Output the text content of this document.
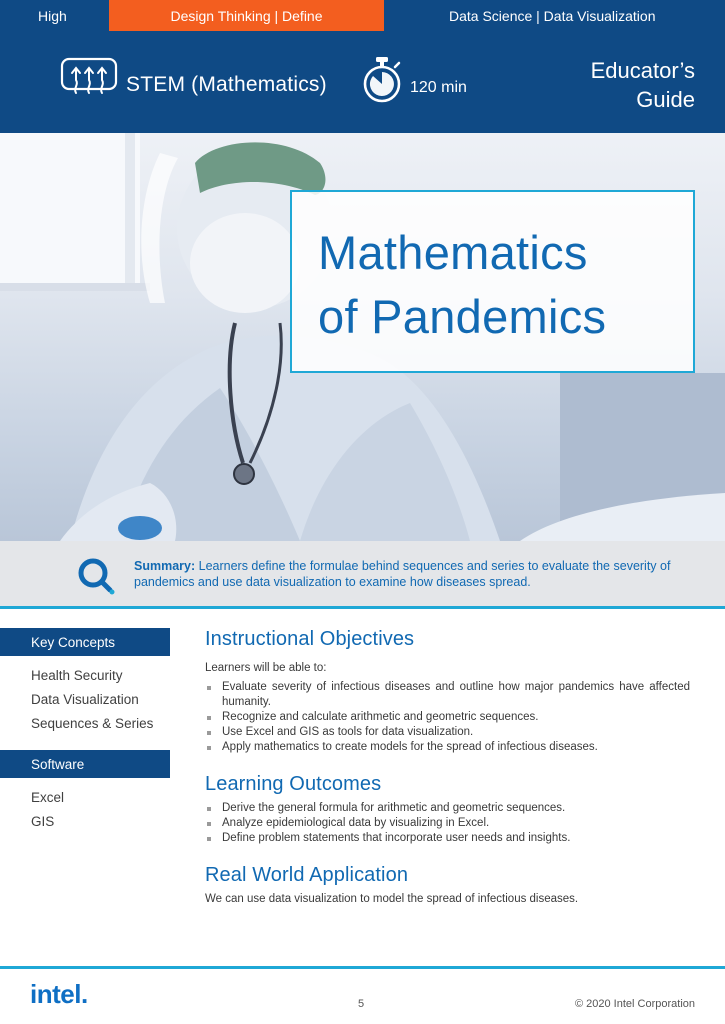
High	Design Thinking | Define	Data Science | Data Visualization
STEM (Mathematics)	120 min
Educator’s
Guide
Mathematics
of Pandemics
Summary: Learners define the formulae behind sequences and series to evaluate the severity of pandemics and use data visualization to examine how diseases spread.
Key Concepts
Health Security
Data Visualization
Sequences & Series
Software
Excel
GIS
Instructional Objectives
Learners will be able to:
Evaluate severity of infectious diseases and outline how major pandemics have affected humanity.
Recognize and calculate arithmetic and geometric sequences.
Use Excel and GIS as tools for data visualization.
Apply mathematics to create models for the spread of infectious diseases.
Learning Outcomes
Derive the general formula for arithmetic and geometric sequences.
Analyze epidemiological data by visualizing in Excel.
Define problem statements that incorporate user needs and insights.
Real World Application
We can use data visualization to model the spread of infectious diseases.
intel.	5	© 2020 Intel Corporation
